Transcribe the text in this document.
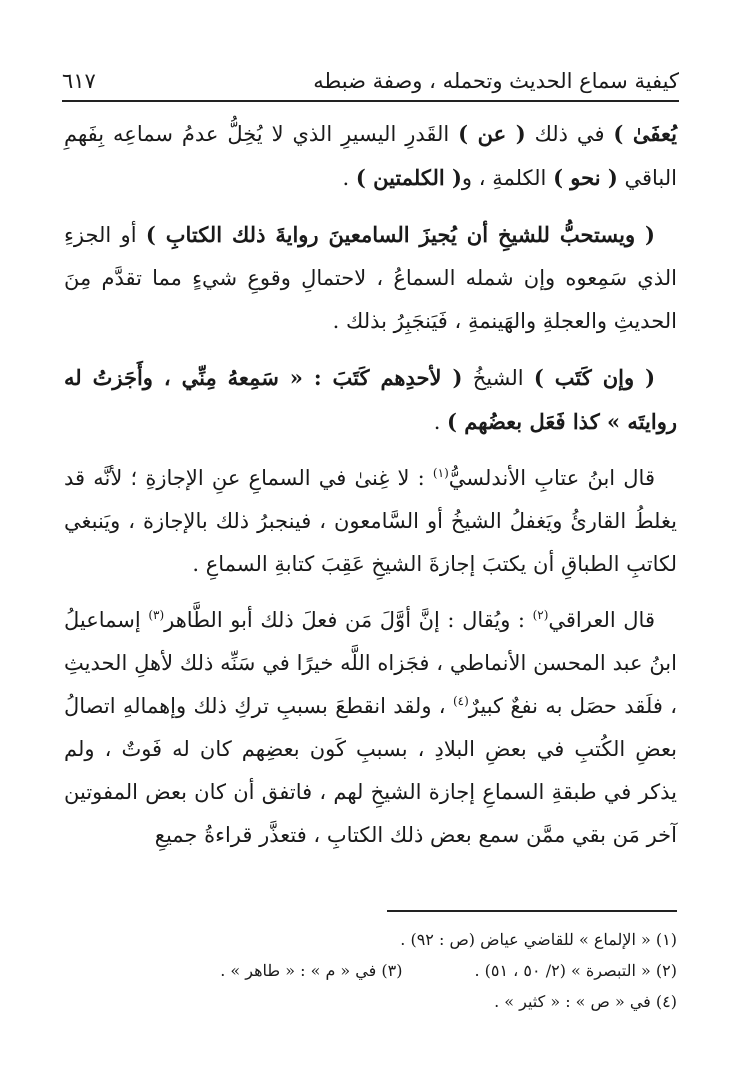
كيفية سماع الحديث وتحمله ، وصفة ضبطه
٦١٧

يُعفَىٰ ) في ذلك ( عن ) القَدرِ اليسيرِ الذي لا يُخِلُّ عدمُ سماعِه بِفَهمِ الباقي ( نحو ) الكلمةِ ، و( الكلمتين ) .

( ويستحبُّ للشيخِ أن يُجيزَ السامعينَ روايةَ ذلك الكتابِ ) أو الجزءِ الذي سَمِعوه وإن شمله السماعُ ، لاحتمالِ وقوعِ شيءٍ مما تقدَّم مِنَ الحديثِ والعجلةِ والهَينمةِ ، فَيَنجَبِرُ بذلك .

( وإن كَتَب ) الشيخُ ( لأحدِهم كَتَبَ : « سَمِعهُ مِنِّي ، وأَجَزتُ له روايتَه » كذا فَعَل بعضُهم ) .

قال ابنُ عتابِ الأندلسيُّ$^{(١)}$ : لا غِنىٰ في السماعِ عنِ الإجازةِ ؛ لأنَّه قد يغلطُ القارئُ ويَغفلُ الشيخُ أو السَّامعون ، فينجبرُ ذلك بالإجازة ، ويَنبغي لكاتبِ الطباقِ أن يكتبَ إجازةَ الشيخِ عَقِبَ كتابةِ السماعِ .

قال العراقي$^{(٢)}$ : ويُقال : إنَّ أوَّلَ مَن فعلَ ذلك أبو الطَّاهر$^{(٣)}$ إسماعيلُ ابنُ عبد المحسن الأنماطي ، فجَزاه اللَّه خيرًا في سَنِّه ذلك لأهلِ الحديثِ ، فلَقد حصَل به نفعٌ كبيرٌ$^{(٤)}$ ، ولقد انقطعَ بسببِ تركِ ذلك وإهمالهِ اتصالُ بعضِ الكُتبِ في بعضِ البلادِ ، بسببِ كَون بعضِهم كان له فَوتٌ ، ولم يذكر في طبقةِ السماعِ إجازة الشيخِ لهم ، فاتفق أن كان بعض المفوتين آخر مَن بقي ممَّن سمع بعض ذلك الكتابِ ، فتعذَّر قراءةُ جميعِ

(١) « الإلماع » للقاضي عياض (ص : ٩٢) .
(٢) « التبصرة » (٢/ ٥٠ ، ٥١) .(٣) في « م » : « طاهر » .
(٤) في « ص » : « كثير » .
